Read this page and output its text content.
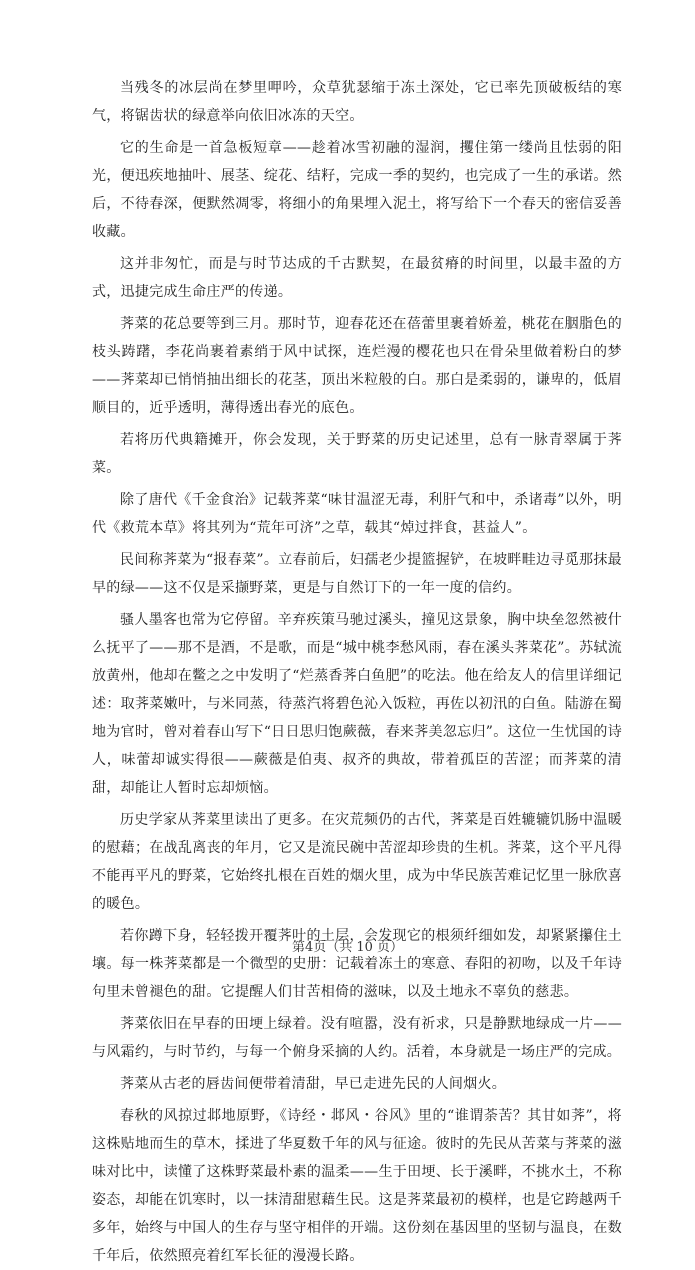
当残冬的冰层尚在梦里呷吟，众草犹瑟缩于冻土深处，它已率先顶破板结的寒气，将锯齿状的绿意举向依旧冰冻的天空。

它的生命是一首急板短章——趁着冰雪初融的湿润，攫住第一缕尚且怯弱的阳光，便迅疾地抽叶、展茎、绽花、结籽，完成一季的契约，也完成了一生的承诺。然后，不待春深，便默然凋零，将细小的角果埋入泥土，将写给下一个春天的密信妥善收藏。

这并非匆忙，而是与时节达成的千古默契，在最贫瘠的时间里，以最丰盈的方式，迅捷完成生命庄严的传递。

荠菜的花总要等到三月。那时节，迎春花还在蓓蕾里裹着娇羞，桃花在胭脂色的枝头踌躇，李花尚裹着素绡于风中试探，连烂漫的樱花也只在骨朵里做着粉白的梦——荠菜却已悄悄抽出细长的花茎，顶出米粒般的白。那白是柔弱的，谦卑的，低眉顺目的，近乎透明，薄得透出春光的底色。

若将历代典籍摊开，你会发现，关于野菜的历史记述里，总有一脉青翠属于荠菜。

除了唐代《千金食治》记载荠菜“味甘温涩无毒，利肝气和中，杀诸毒”以外，明代《救荒本草》将其列为“荒年可济”之草，载其“焯过拌食，甚益人”。

民间称荠菜为“报春菜”。立春前后，妇孺老少提篮握铲，在坡畔畦边寻觅那抹最早的绿——这不仅是采撷野菜，更是与自然订下的一年一度的信约。

骚人墨客也常为它停留。辛弃疾策马驰过溪头，撞见这景象，胸中块垒忽然被什么抚平了——那不是酒，不是歌，而是“城中桃李愁风雨，春在溪头荠菜花”。苏轼流放黄州，他却在鳖之之中发明了“烂蒸香荠白鱼肥”的吃法。他在给友人的信里详细记述：取荠菜嫩叶，与米同蒸，待蒸汽将碧色沁入饭粒，再佐以初汛的白鱼。陆游在蜀地为官时，曾对着春山写下“日日思归饱蕨薇，春来荠美忽忘归”。这位一生忧国的诗人，味蕾却诚实得很——蕨薇是伯夷、叔齐的典故，带着孤臣的苦涩；而荠菜的清甜，却能让人暂时忘却烦恼。

历史学家从荠菜里读出了更多。在灾荒频仍的古代，荠菜是百姓辘辘饥肠中温暖的慰藉；在战乱离丧的年月，它又是流民碗中苦涩却珍贵的生机。荠菜，这个平凡得不能再平凡的野菜，它始终扎根在百姓的烟火里，成为中华民族苦难记忆里一脉欣喜的暖色。

若你蹲下身，轻轻拨开覆荠叶的土层，会发现它的根须纤细如发，却紧紧攥住土壤。每一株荠菜都是一个微型的史册：记载着冻土的寒意、春阳的初吻，以及千年诗句里未曾褪色的甜。它提醒人们甘苦相倚的滋味，以及土地永不辜负的慈悲。

荠菜依旧在早春的田埂上绿着。没有喧嚣，没有祈求，只是静默地绿成一片——与风霜约，与时节约，与每一个俯身采摘的人约。活着，本身就是一场庄严的完成。

荠菜从古老的唇齿间便带着清甜，早已走进先民的人间烟火。

春秋的风掠过邶地原野，《诗经・邶风・谷风》里的“谁谓荼苦？其甘如荠”，将这株贴地而生的草木，揉进了华夏数千年的风与征途。彼时的先民从苦菜与荠菜的滋味对比中，读懂了这株野菜最朴素的温柔——生于田埂、长于溪畔，不挑水土，不称姿态，却能在饥寒时，以一抹清甜慰藉生民。这是荠菜最初的模样，也是它跨越两千多年，始终与中国人的生存与坚守相伴的开端。这份刻在基因里的坚韧与温良，在数千年后，依然照亮着红军长征的漫漫长路。

第4页（共 10 页）
